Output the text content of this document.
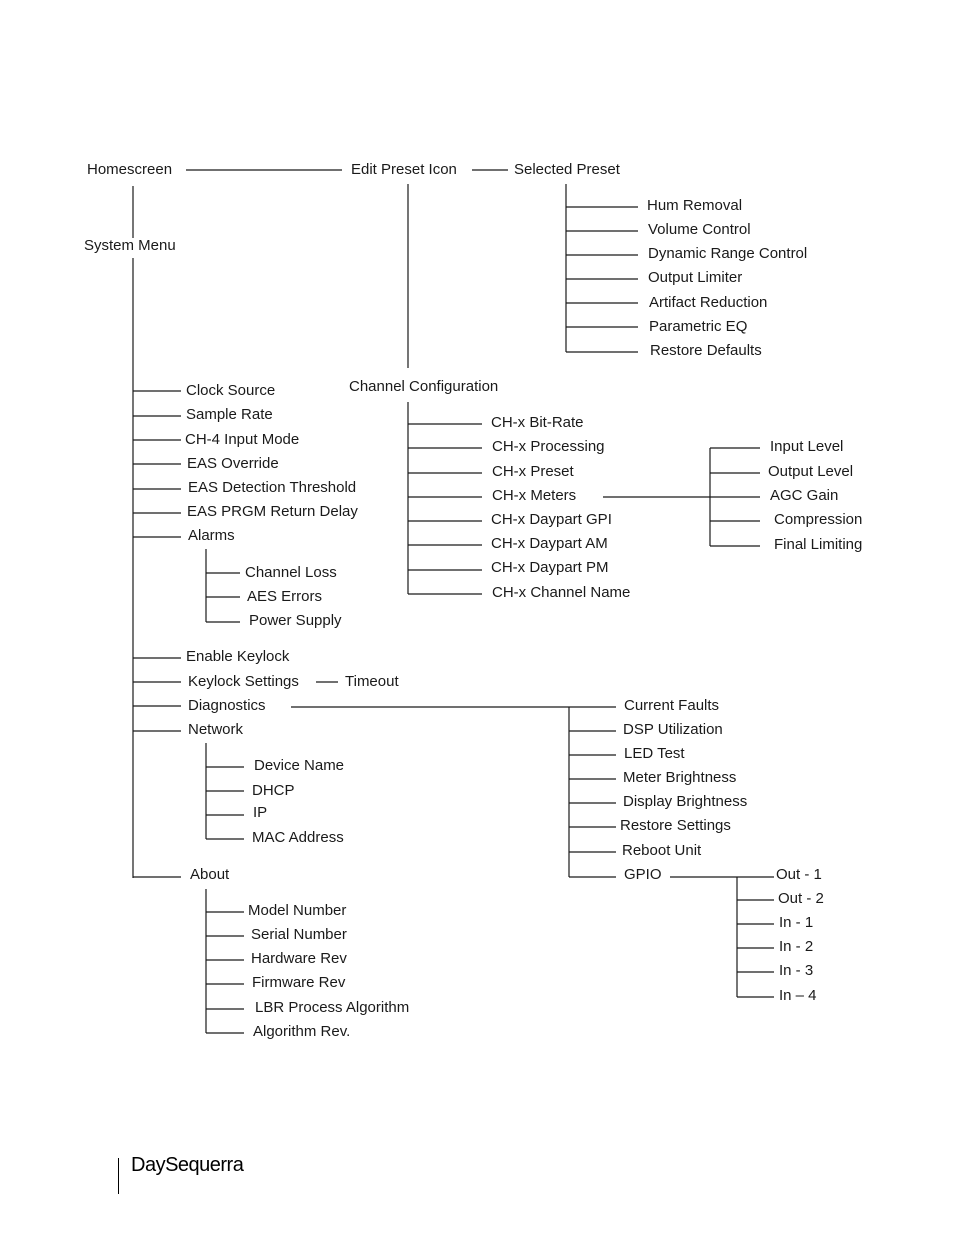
Homescreen	Edit Preset Icon	Selected Preset
Hum Removal
Volume Control
Dynamic Range Control
Output Limiter
Artifact Reduction
Parametric EQ
Restore Defaults
System Menu
Channel Configuration
CH-x Bit-Rate
CH-x Processing
CH-x Preset
CH-x Meters
CH-x Daypart GPI
CH-x Daypart AM
CH-x Daypart PM
CH-x Channel Name
Input Level
Output Level
AGC Gain
Compression
Final Limiting
Clock Source
Sample Rate
CH-4 Input Mode
EAS Override
EAS Detection Threshold
EAS PRGM Return Delay
Alarms
Channel Loss
AES Errors
Power Supply
Enable Keylock
Keylock Settings	Timeout
Diagnostics
Network
Current Faults
DSP Utilization
LED Test
Meter Brightness
Display Brightness
Restore Settings
Reboot Unit
GPIO	Out - 1
Out - 2
In - 1
In - 2
In - 3
In – 4
Device Name
DHCP
IP
MAC Address
About
Model Number
Serial Number
Hardware Rev
Firmware Rev
LBR Process Algorithm
Algorithm Rev.
DaySequerra
